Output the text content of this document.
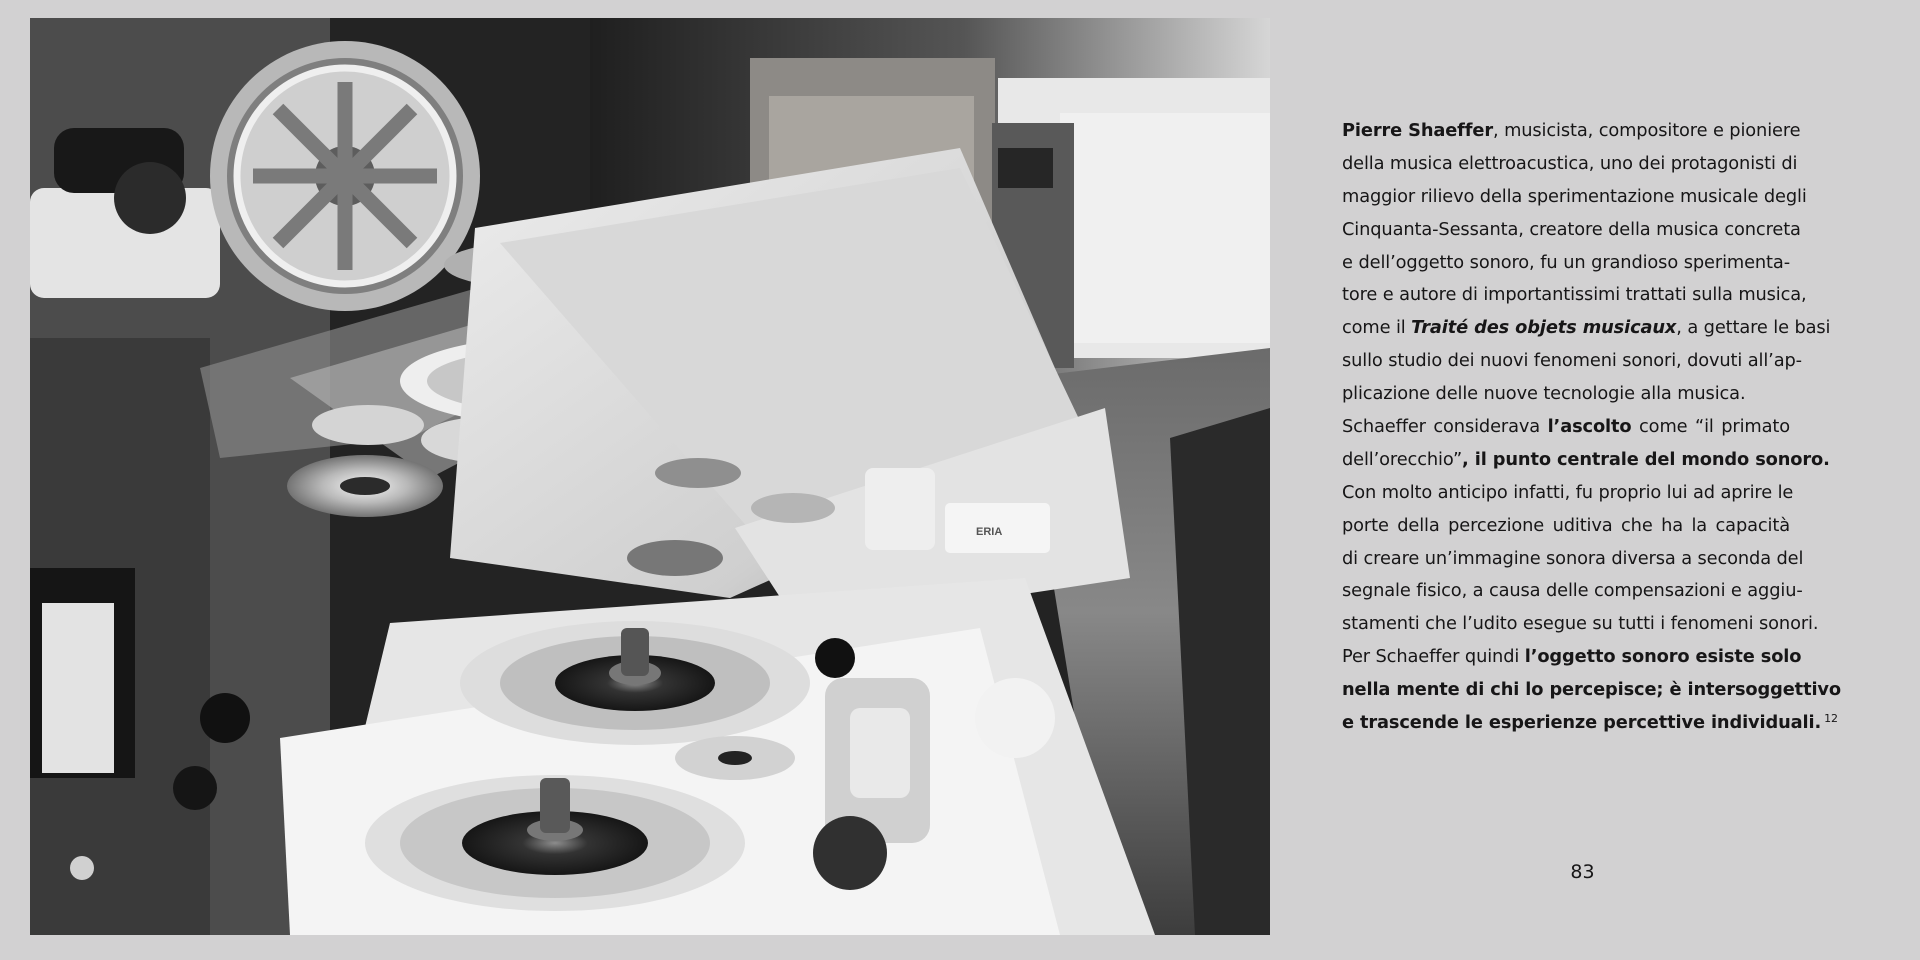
ERIA
Pierre Shaeffer, musicista, compositore e pioniere
della musica elettroacustica, uno dei protagonisti di
maggior rilievo della sperimentazione musicale degli
Cinquanta-Sessanta, creatore della musica concreta
e dell’oggetto sonoro, fu un grandioso sperimenta-
tore e autore di importantissimi trattati sulla musica,
come il Traité des objets musicaux, a gettare le basi
sullo studio dei nuovi fenomeni sonori, dovuti all’ap-
plicazione delle nuove tecnologie alla musica.
Schaeffer considerava l’ascolto come “il primato
dell’orecchio”, il punto centrale del mondo sonoro.
Con molto anticipo infatti, fu proprio lui ad aprire le
porte della percezione uditiva che ha la capacità
di creare un’immagine sonora diversa a seconda del
segnale fisico, a causa delle compensazioni e aggiu-
stamenti che l’udito esegue su tutti i fenomeni sonori.
Per Schaeffer quindi l’oggetto sonoro esiste solo
nella mente di chi lo percepisce; è intersoggettivo
e trascende le esperienze percettive individuali. $^{12}$
83
